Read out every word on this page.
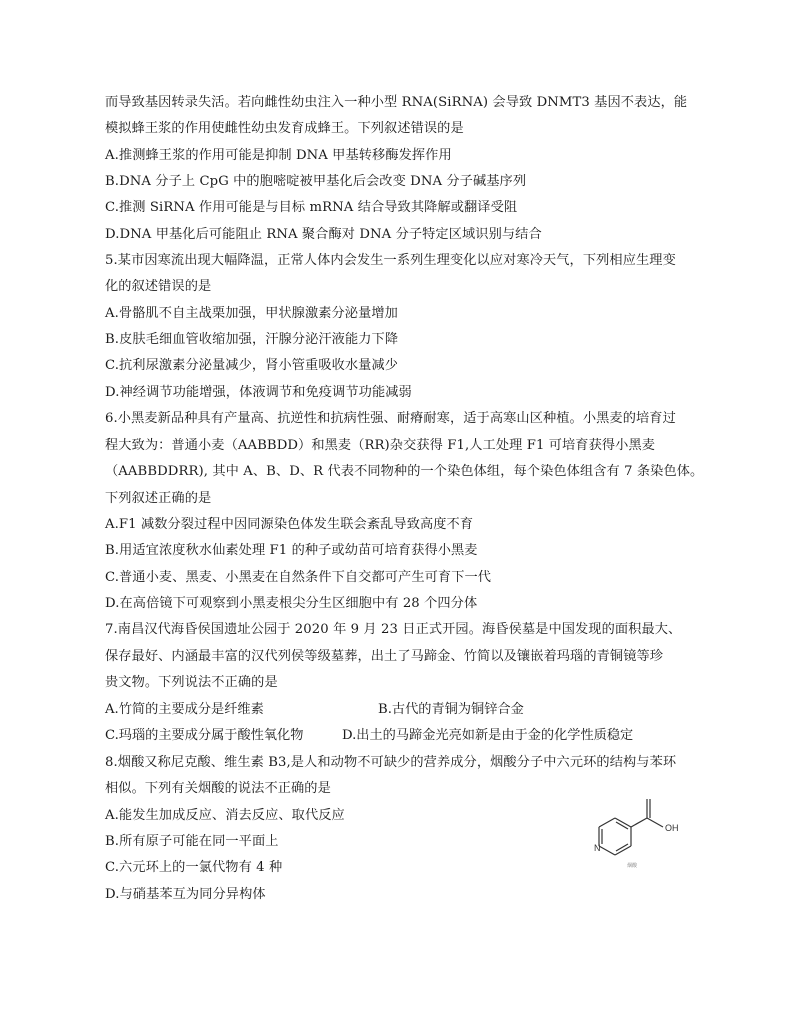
而导致基因转录失活。若向雌性幼虫注入一种小型 RNA(SiRNA) 会导致 DNMT3 基因不表达，能
模拟蜂王浆的作用使雌性幼虫发育成蜂王。下列叙述错误的是
A.推测蜂王浆的作用可能是抑制 DNA 甲基转移酶发挥作用
B.DNA 分子上 CpG 中的胞嘧啶被甲基化后会改变 DNA 分子碱基序列
C.推测 SiRNA 作用可能是与目标 mRNA 结合导致其降解或翻译受阻
D.DNA 甲基化后可能阻止 RNA 聚合酶对 DNA 分子特定区域识别与结合
5.某市因寒流出现大幅降温，正常人体内会发生一系列生理变化以应对寒冷天气，下列相应生理变
化的叙述错误的是
A.骨骼肌不自主战栗加强，甲状腺激素分泌量增加
B.皮肤毛细血管收缩加强，汗腺分泌汗液能力下降
C.抗利尿激素分泌量减少，肾小管重吸收水量减少
D.神经调节功能增强，体液调节和免疫调节功能减弱
6.小黑麦新品种具有产量高、抗逆性和抗病性强、耐瘠耐寒，适于高寒山区种植。小黑麦的培育过
程大致为：普通小麦（AABBDD）和黑麦（RR)杂交获得 F1,人工处理 F1 可培育获得小黑麦
（AABBDDRR), 其中 A、B、D、R 代表不同物种的一个染色体组，每个染色体组含有 7 条染色体。
下列叙述正确的是
A.F1 减数分裂过程中因同源染色体发生联会紊乱导致高度不育
B.用适宜浓度秋水仙素处理 F1 的种子或幼苗可培育获得小黑麦
C.普通小麦、黑麦、小黑麦在自然条件下自交都可产生可育下一代
D.在高倍镜下可观察到小黑麦根尖分生区细胞中有 28 个四分体
7.南昌汉代海昏侯国遗址公园于 2020 年 9 月 23 日正式开园。海昏侯墓是中国发现的面积最大、
保存最好、内涵最丰富的汉代列侯等级墓葬，出土了马蹄金、竹简以及镶嵌着玛瑙的青铜镜等珍
贵文物。下列说法不正确的是
A.竹简的主要成分是纤维素	B.古代的青铜为铜锌合金
C.玛瑙的主要成分属于酸性氧化物	D.出土的马蹄金光亮如新是由于金的化学性质稳定
8.烟酸又称尼克酸、维生素 B3,是人和动物不可缺少的营养成分，烟酸分子中六元环的结构与苯环
相似。下列有关烟酸的说法不正确的是
A.能发生加成反应、消去反应、取代反应
B.所有原子可能在同一平面上
C.六元环上的一氯代物有 4 种
D.与硝基苯互为同分异构体
OH
N
烟酸
